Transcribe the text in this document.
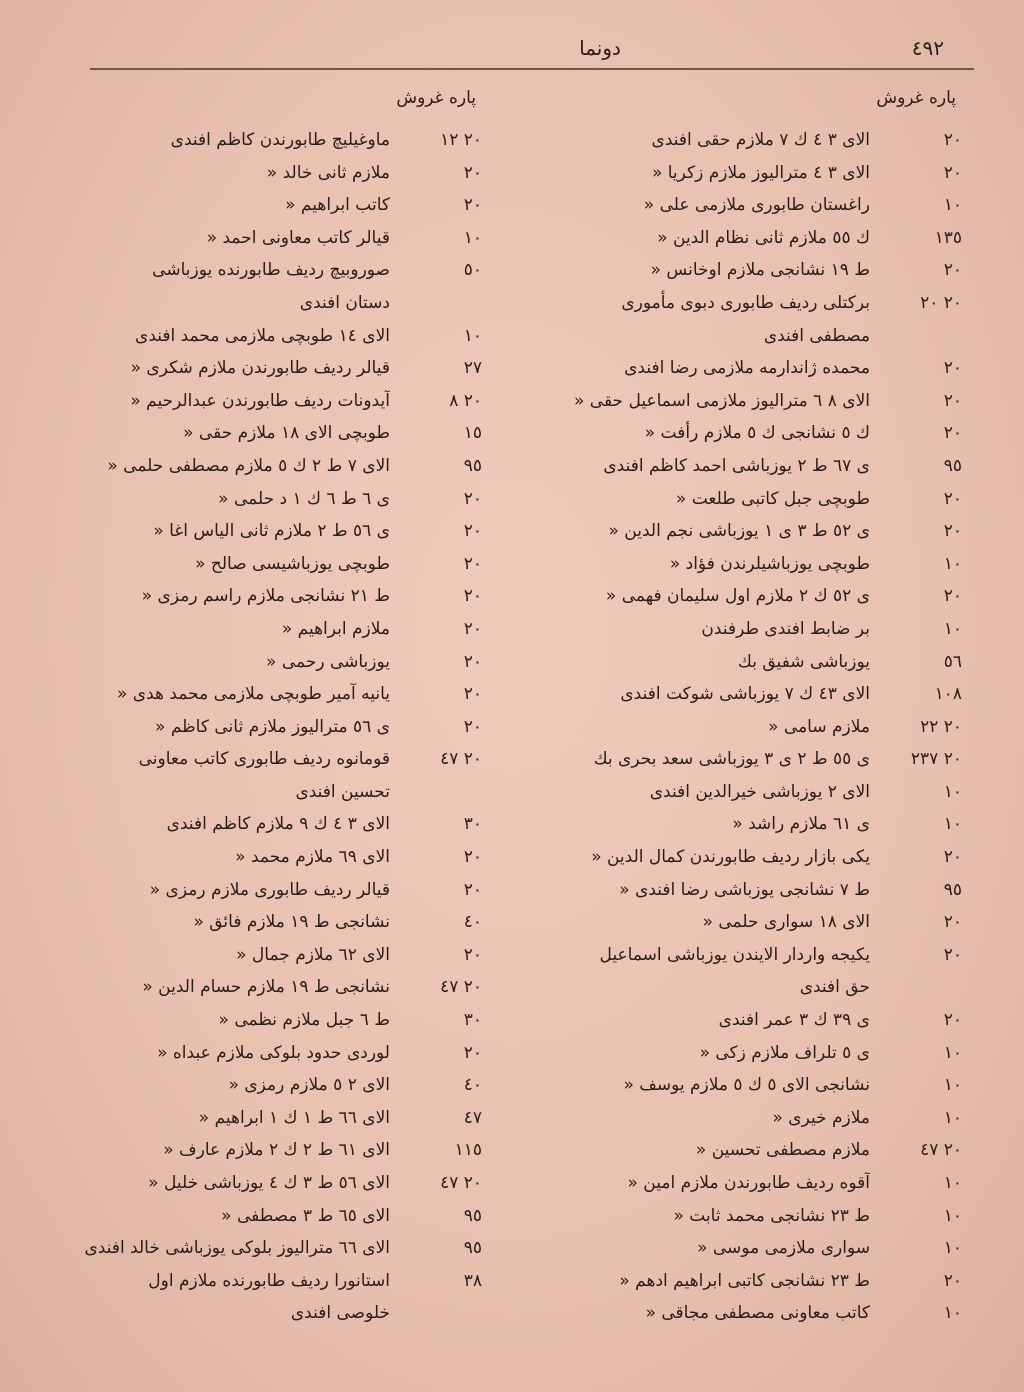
دونما	٤٩٢
پاره غروش
٢٠
الای ٣ ٤ ك ٧ ملازم حقی افندی
٢٠
الای ٣ ٤ مترالیوز ملازم زکریا «
١٠
راغستان طابوری ملازمی علی «
١٣٥
ك ٥٥ ملازم ثانی نظام الدین «
٢٠
ط ١٩ نشانجی ملازم اوخانس «
٢٠ ٢٠
برکتلی ردیف طابوری دبوی مأموری
مصطفی افندی
٢٠
محمده ژاندارمه ملازمی رضا افندی
٢٠
الای ٨ ٦ مترالیوز ملازمی اسماعیل حقی «
٢٠
ك ٥ نشانجی ك ٥ ملازم رأفت «
٩٥
ی ٦٧ ط ٢ یوزباشی احمد کاظم افندی
٢٠
طوبچی جبل کاتبی طلعت «
٢٠
ی ٥٢ ط ٣ ی ١ یوزباشی نجم الدین «
١٠
طوبچی یوزباشیلرندن فؤاد «
٢٠
ی ٥٢ ك ٢ ملازم اول سلیمان فهمی «
١٠
بر ضابط افندی طرفندن
٥٦
یوزباشی شفیق بك
١٠٨
الای ٤٣ ك ٧ یوزباشی شوکت افندی
٢٠ ٢٢
ملازم سامی «
٢٠ ٢٣٧
ی ٥٥ ط ٢ ی ٣ یوزباشی سعد بحری بك
١٠
الای ٢ یوزباشی خیرالدین افندی
١٠
ی ٦١ ملازم راشد «
٢٠
یکی بازار ردیف طابورندن کمال الدین «
٩٥
ط ٧ نشانجی یوزباشی رضا افندی «
٢٠
الای ١٨ سواری حلمی «
٢٠
یکیجه واردار الایندن یوزباشی اسماعیل
حق افندی
٢٠
ی ٣٩ ك ٣ عمر افندی
١٠
ی ٥ تلراف ملازم زکی «
١٠
نشانجی الای ٥ ك ٥ ملازم یوسف «
١٠
ملازم خیری «
٢٠ ٤٧
ملازم مصطفی تحسین «
١٠
آقوه ردیف طابورندن ملازم امین «
١٠
ط ٢٣ نشانجی محمد ثابت «
١٠
سواری ملازمی موسی «
٢٠
ط ٢٣ نشانجی کاتبی ابراهیم ادهم «
١٠
کاتب معاونی مصطفی مجاقی «
پاره غروش
٢٠ ١٢
ماوغیلیچ طابورندن کاظم افندی
٢٠
ملازم ثانی خالد «
٢٠
کاتب ابراهیم «
١٠
قیالر کاتب معاونی احمد «
٥٠
صوروبیچ ردیف طابورنده یوزباشی
دستان افندی
١٠
الای ١٤ طوبچی ملازمی محمد افندی
٢٧
قیالر ردیف طابورندن ملازم شکری «
٢٠ ٨
آیدونات ردیف طابورندن عبدالرحیم «
١٥
طوبچی الای ١٨ ملازم حقی «
٩٥
الای ٧ ط ٢ ك ٥ ملازم مصطفی حلمی «
٢٠
ی ٦ ط ٦ ك ١ د حلمی «
٢٠
ی ٥٦ ط ٢ ملازم ثانی الیاس اغا «
٢٠
طوبچی یوزباشیسی صالح «
٢٠
ط ٢١ نشانجی ملازم راسم رمزی «
٢٠
ملازم ابراهیم «
٢٠
یوزباشی رحمی «
٢٠
یانیه آمیر طوبچی ملازمی محمد هدی «
٢٠
ی ٥٦ مترالیوز ملازم ثانی کاظم «
٢٠ ٤٧
قومانوه ردیف طابوری کاتب معاونی
تحسین افندی
٣٠
الای ٣ ٤ ك ٩ ملازم کاظم افندی
٢٠
الای ٦٩ ملازم محمد «
٢٠
قیالر ردیف طابوری ملازم رمزی «
٤٠
نشانجی ط ١٩ ملازم فائق «
٢٠
الای ٦٢ ملازم جمال «
٢٠ ٤٧
نشانجی ط ١٩ ملازم حسام الدین «
٣٠
ط ٦ جبل ملازم نظمی «
٢٠
لوردی حدود بلوکی ملازم عبداه «
٤٠
الای ٢ ٥ ملازم رمزی «
٤٧
الای ٦٦ ط ١ ك ١ ابراهیم «
١١٥
الای ٦١ ط ٢ ك ٢ ملازم عارف «
٢٠ ٤٧
الای ٥٦ ط ٣ ك ٤ یوزباشی خلیل «
٩٥
الای ٦٥ ط ٣ مصطفی «
٩٥
الای ٦٦ مترالیوز بلوکی یوزباشی خالد افندی
٣٨
استانورا ردیف طابورنده ملازم اول
خلوصی افندی
